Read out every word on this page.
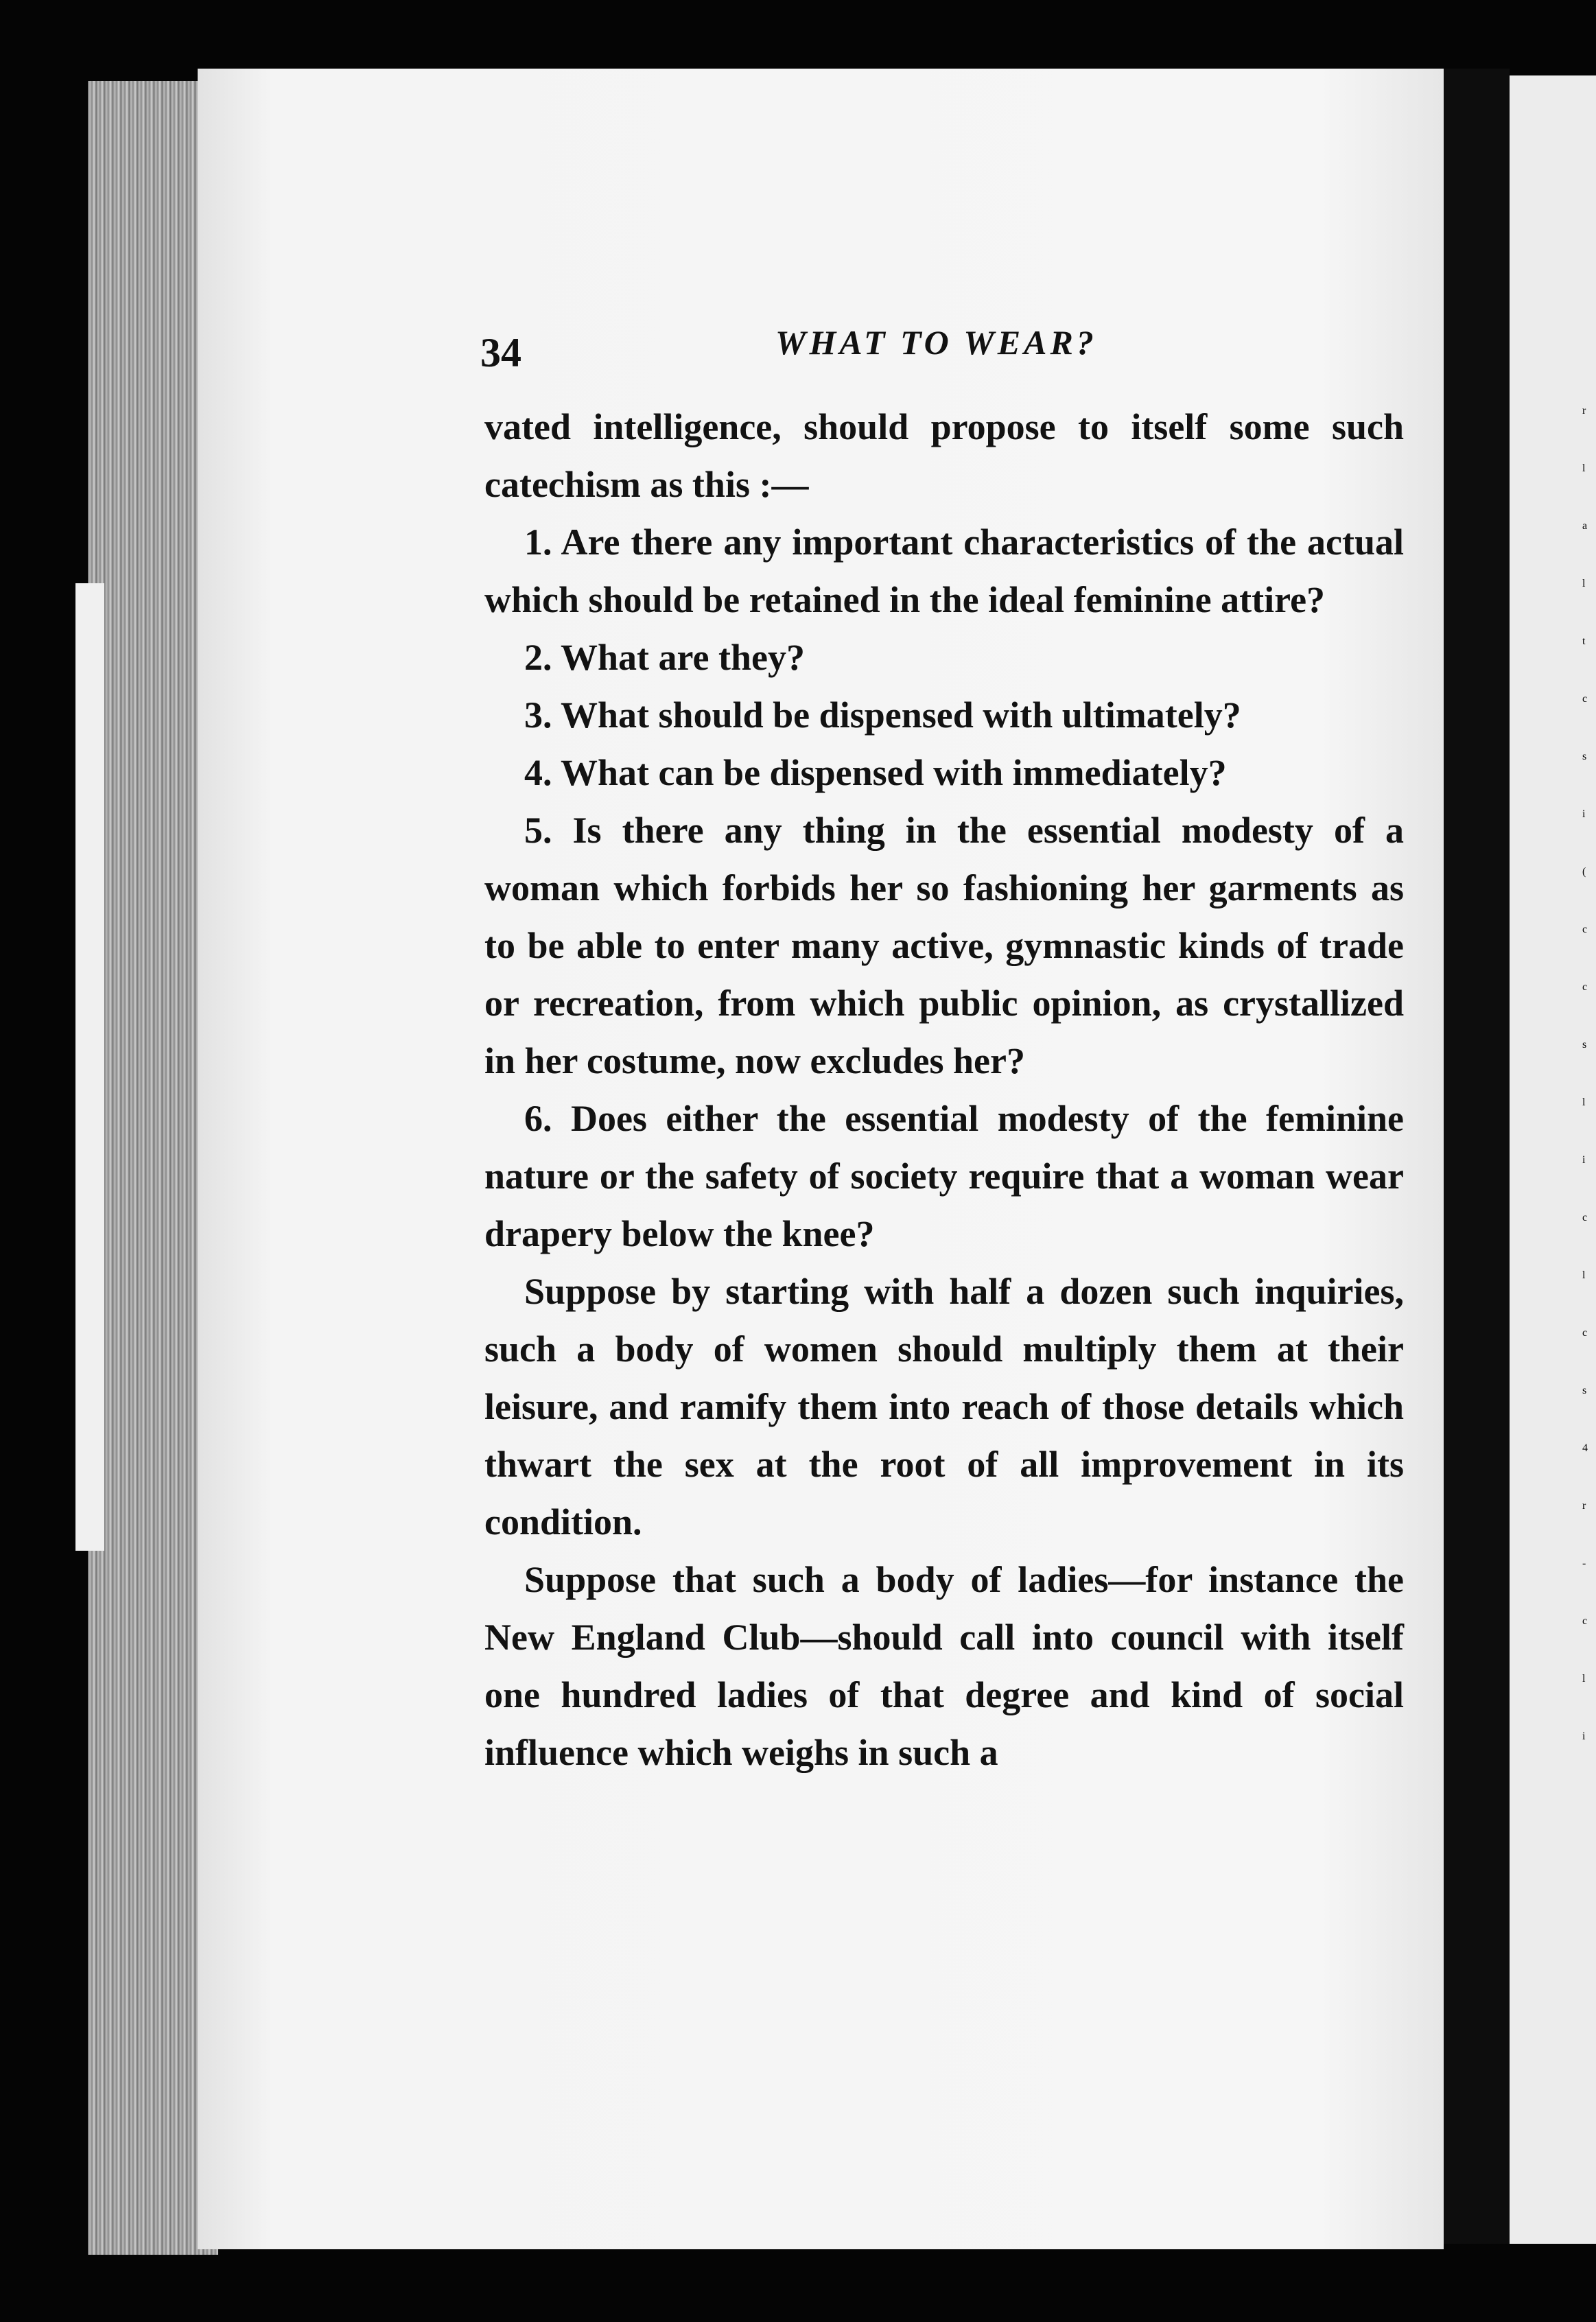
34	WHAT TO WEAR?

vated intelligence, should propose to itself some such catechism as this :—

1. Are there any important characteristics of the actual which should be retained in the ideal feminine attire?

2. What are they?

3. What should be dispensed with ultimately?

4. What can be dispensed with immediately?

5. Is there any thing in the essential modesty of a woman which forbids her so fashioning her garments as to be able to enter many active, gymnastic kinds of trade or recreation, from which public opinion, as crystallized in her costume, now excludes her?

6. Does either the essential modesty of the feminine nature or the safety of society require that a woman wear drapery below the knee?

Suppose by starting with half a dozen such inquiries, such a body of women should multiply them at their leisure, and ramify them into reach of those details which thwart the sex at the root of all improvement in its condition.

Suppose that such a body of ladies—for instance the New England Club—should call into council with itself one hundred ladies of that degree and kind of social influence which weighs in such a

r
l
a
l
t
c
s
i
(
c
c
s
l
i
c
l
c
s
4
r
-
c
l
i
